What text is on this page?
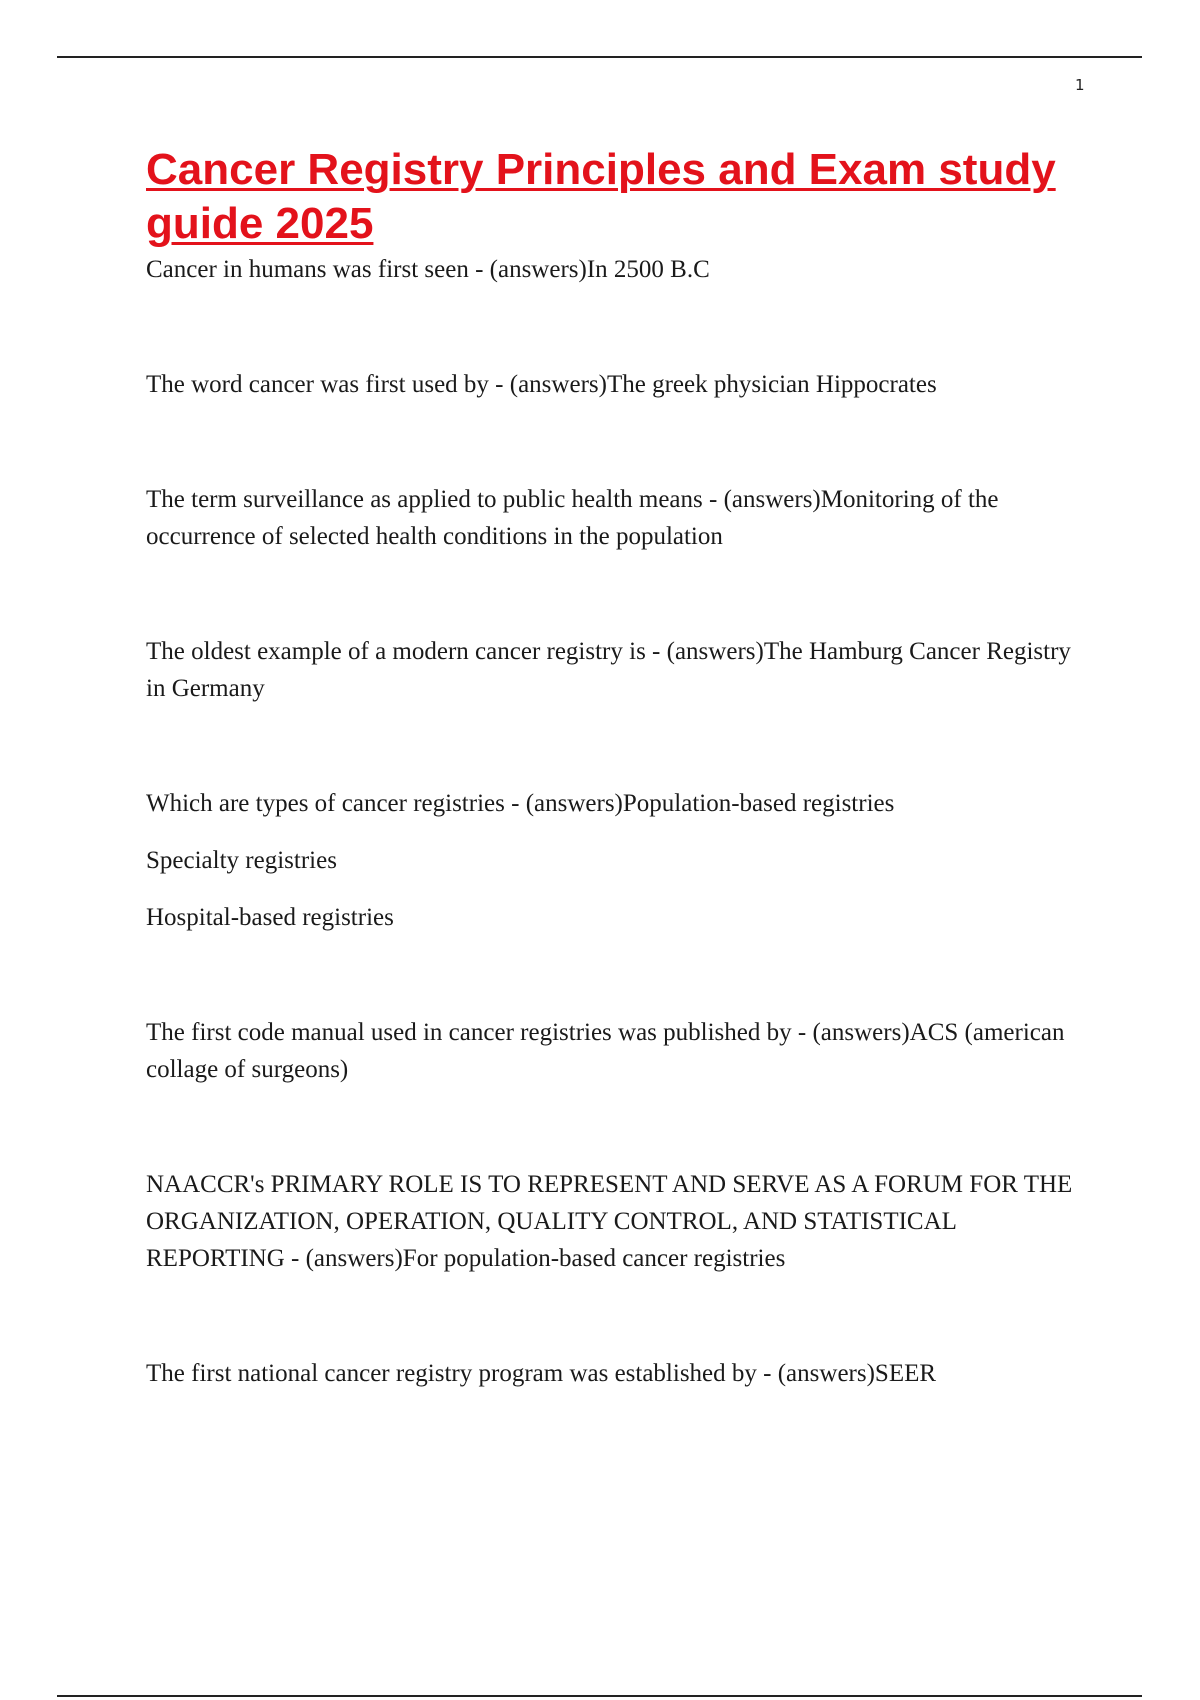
1
Cancer Registry Principles and Exam study guide 2025

Cancer in humans was first seen - (answers)In 2500 B.C

The word cancer was first used by - (answers)The greek physician Hippocrates

The term surveillance as applied to public health means - (answers)Monitoring of the occurrence of selected health conditions in the population

The oldest example of a modern cancer registry is - (answers)The Hamburg Cancer Registry in Germany

Which are types of cancer registries - (answers)Population-based registries

Specialty registries

Hospital-based registries

The first code manual used in cancer registries was published by - (answers)ACS (american collage of surgeons)

NAACCR's PRIMARY ROLE IS TO REPRESENT AND SERVE AS A FORUM FOR THE ORGANIZATION, OPERATION, QUALITY CONTROL, AND STATISTICAL REPORTING - (answers)For population-based cancer registries

The first national cancer registry program was established by - (answers)SEER
